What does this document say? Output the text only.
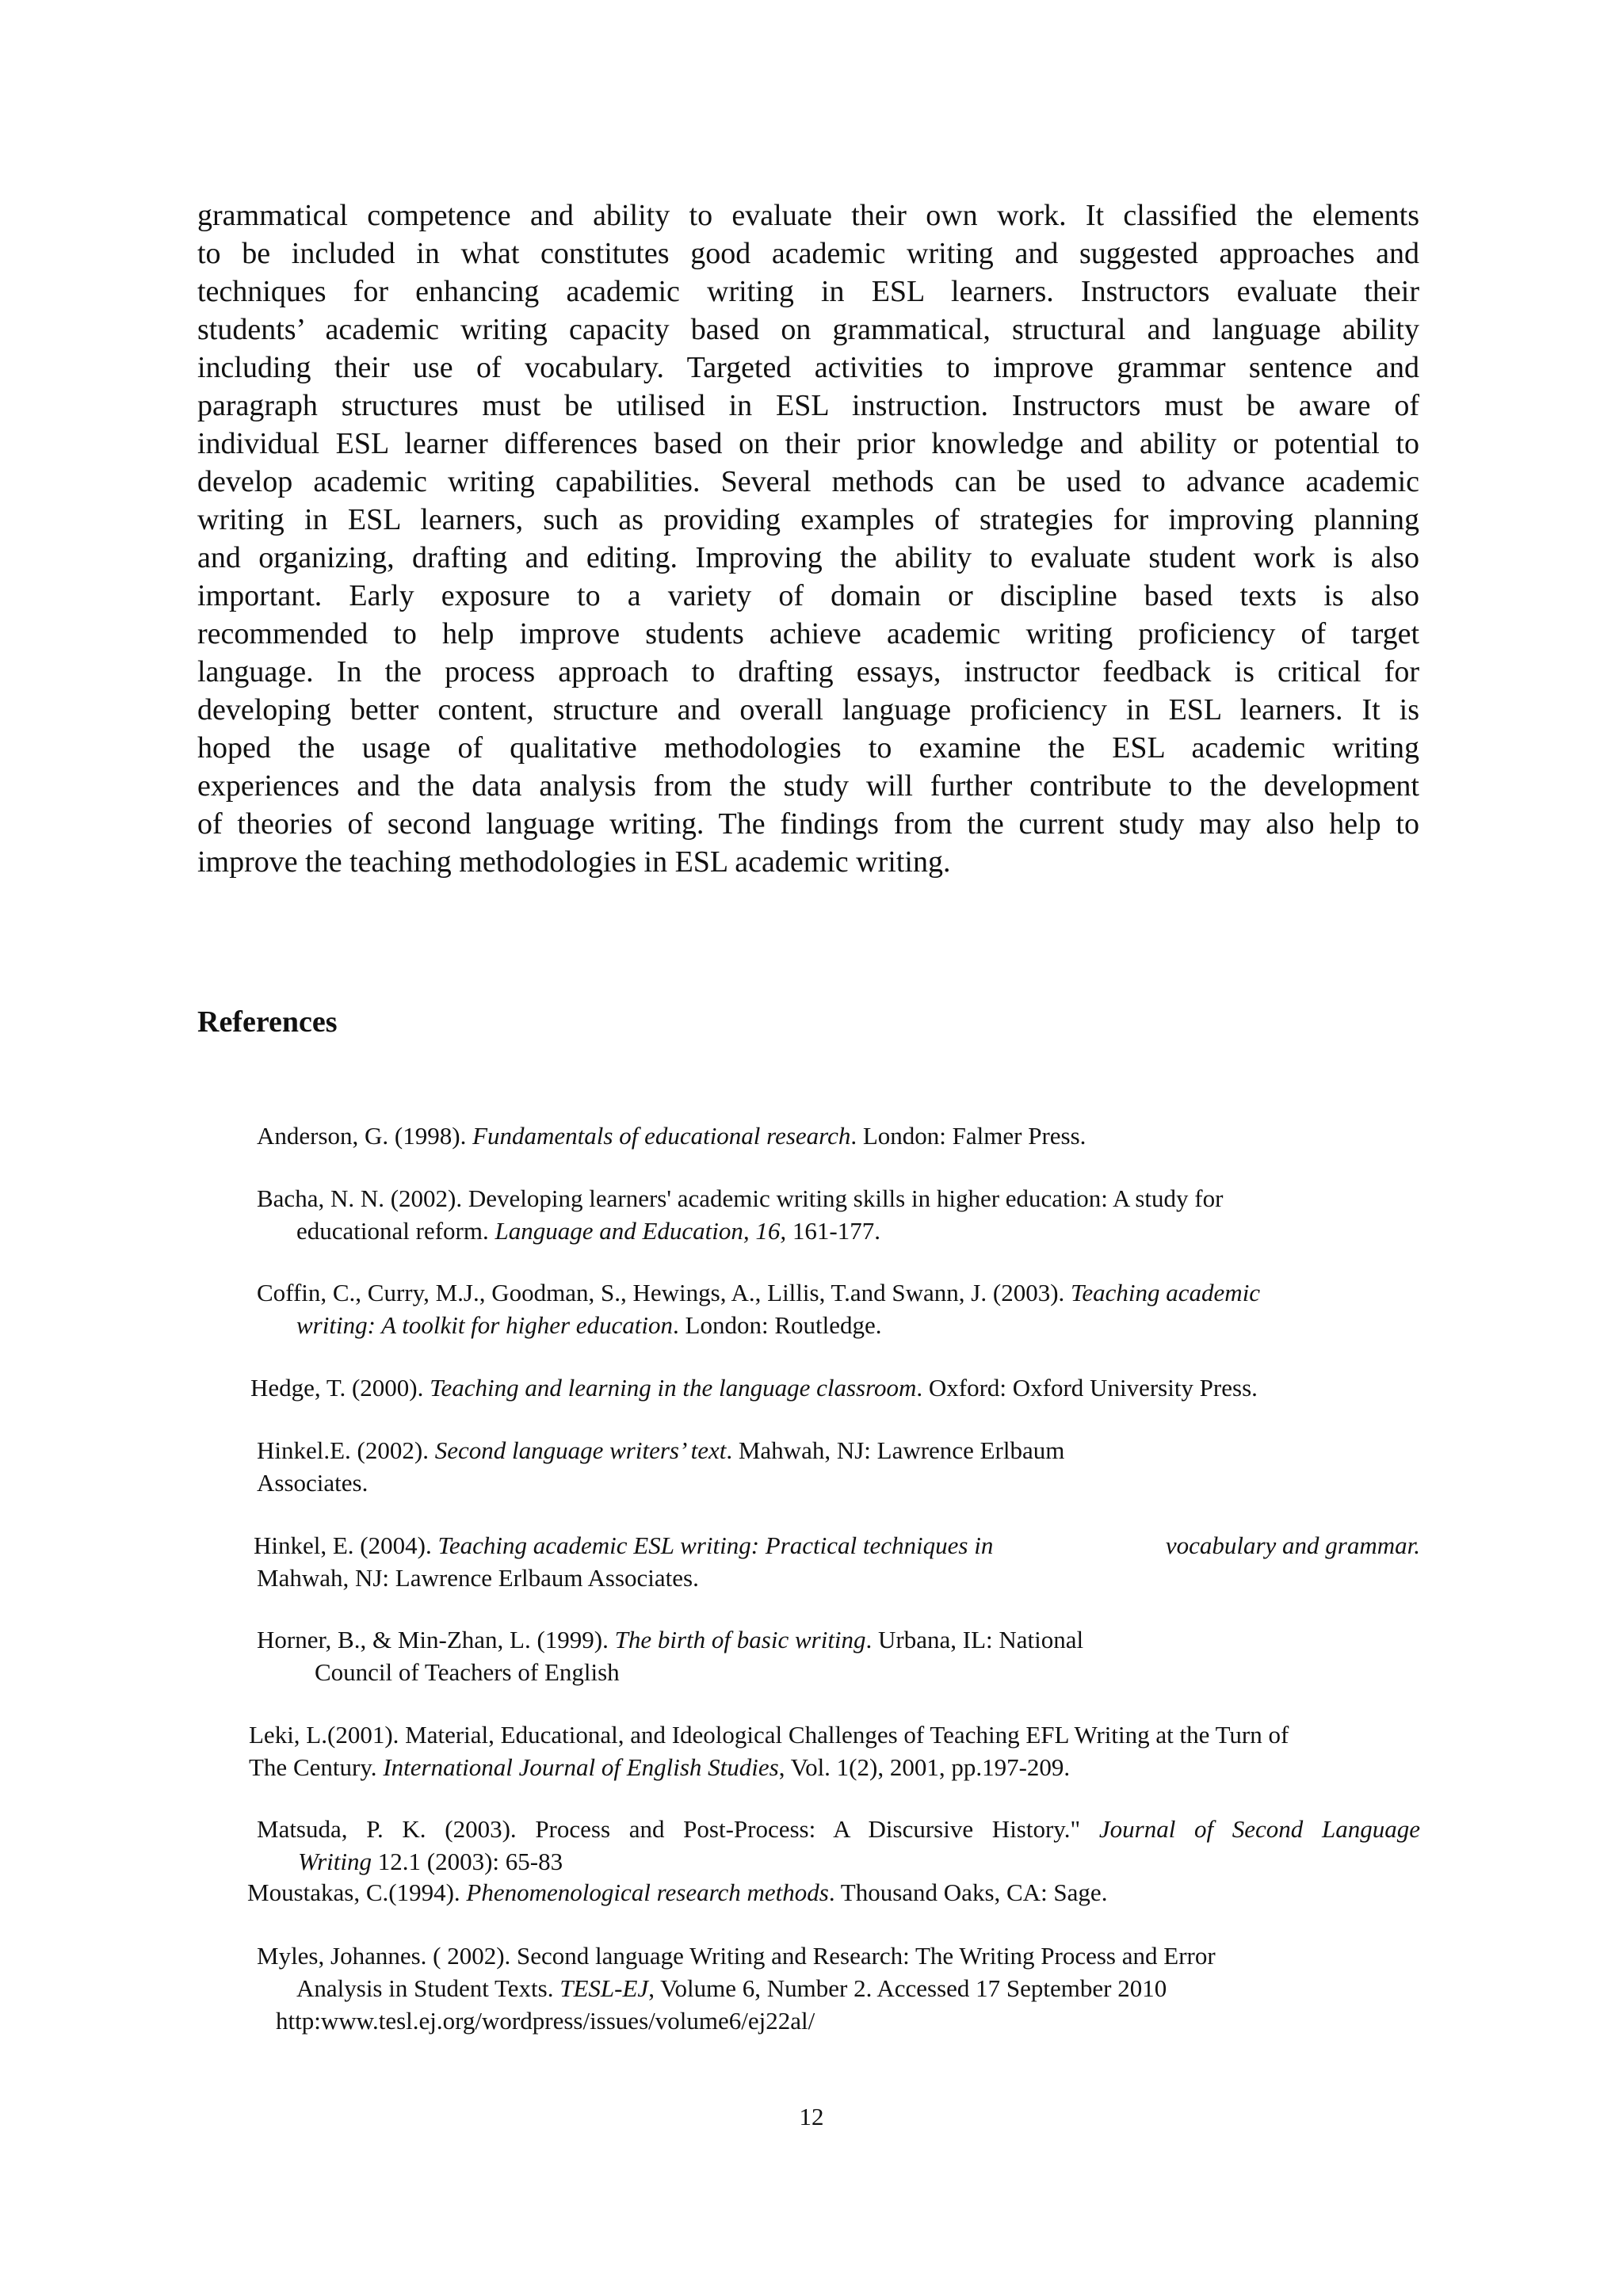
grammatical competence and ability to evaluate their own work. It classified the elements
to be included in what constitutes good academic writing and suggested approaches and
techniques for enhancing academic writing in ESL learners. Instructors evaluate their
students’ academic writing capacity based on grammatical, structural and language ability
including their use of vocabulary. Targeted activities to improve grammar sentence and
paragraph structures must be utilised in ESL instruction. Instructors must be aware of
individual ESL learner differences based on their prior knowledge and ability or potential to
develop academic writing capabilities. Several methods can be used to advance academic
writing in ESL learners, such as providing examples of strategies for improving planning
and organizing, drafting and editing. Improving the ability to evaluate student work is also
important. Early exposure to a variety of domain or discipline based texts is also
recommended to help improve students achieve academic writing proficiency of target
language. In the process approach to drafting essays, instructor feedback is critical for
developing better content, structure and overall language proficiency in ESL learners. It is
hoped the usage of qualitative methodologies to examine the ESL academic writing
experiences and the data analysis from the study will further contribute to the development
of theories of second language writing. The findings from the current study may also help to
improve the teaching methodologies in ESL academic writing.
References
Anderson, G. (1998). Fundamentals of educational research. London: Falmer Press.
Bacha, N. N. (2002). Developing learners' academic writing skills in higher education: A study for
educational reform. Language and Education, 16, 161-177.
Coffin, C., Curry, M.J., Goodman, S., Hewings, A., Lillis, T.and Swann, J. (2003). Teaching academic
writing: A toolkit for higher education. London: Routledge.
Hedge, T. (2000). Teaching and learning in the language classroom. Oxford: Oxford University Press.
Hinkel.E. (2002). Second language writers’ text. Mahwah, NJ: Lawrence Erlbaum
Associates.
Hinkel, E. (2004). Teaching academic ESL writing: Practical techniques in	vocabulary and grammar.
Mahwah, NJ: Lawrence Erlbaum Associates.
Horner, B., & Min-Zhan, L. (1999). The birth of basic writing. Urbana, IL: National
Council of Teachers of English
Leki, L.(2001). Material, Educational, and Ideological Challenges of Teaching EFL Writing at the Turn of
The Century. International Journal of English Studies, Vol. 1(2), 2001, pp.197-209.
Matsuda, P. K. (2003). Process and Post-Process: A Discursive History." Journal of Second Language
Writing 12.1 (2003): 65-83
Moustakas, C.(1994). Phenomenological research methods. Thousand Oaks, CA: Sage.
Myles, Johannes. ( 2002). Second language Writing and Research: The Writing Process and Error
Analysis in Student Texts. TESL-EJ, Volume 6, Number 2. Accessed 17 September 2010
http:www.tesl.ej.org/wordpress/issues/volume6/ej22al/
12
